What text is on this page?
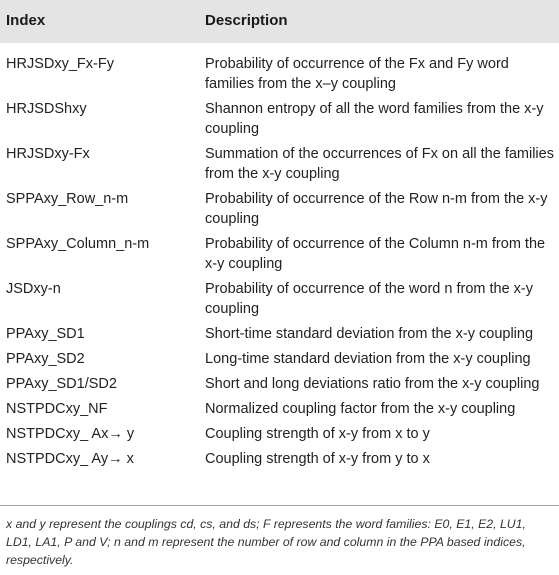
Index	Description
HRJSDxy_Fx-Fy	Probability of occurrence of the Fx and Fy word families from the x–y coupling
HRJSDShxy	Shannon entropy of all the word families from the x-y coupling
HRJSDxy-Fx	Summation of the occurrences of Fx on all the families from the x-y coupling
SPPAxy_Row_n-m	Probability of occurrence of the Row n-m from the x-y coupling
SPPAxy_Column_n-m	Probability of occurrence of the Column n-m from the x-y coupling
JSDxy-n	Probability of occurrence of the word n from the x-y coupling
PPAxy_SD1	Short-time standard deviation from the x-y coupling
PPAxy_SD2	Long-time standard deviation from the x-y coupling
PPAxy_SD1/SD2	Short and long deviations ratio from the x-y coupling
NSTPDCxy_NF	Normalized coupling factor from the x-y coupling
NSTPDCxy_ Ax→ y	Coupling strength of x-y from x to y
NSTPDCxy_ Ay→ x	Coupling strength of x-y from y to x
x and y represent the couplings cd, cs, and ds; F represents the word families: E0, E1, E2, LU1, LD1, LA1, P and V; n and m represent the number of row and column in the PPA based indices, respectively.
